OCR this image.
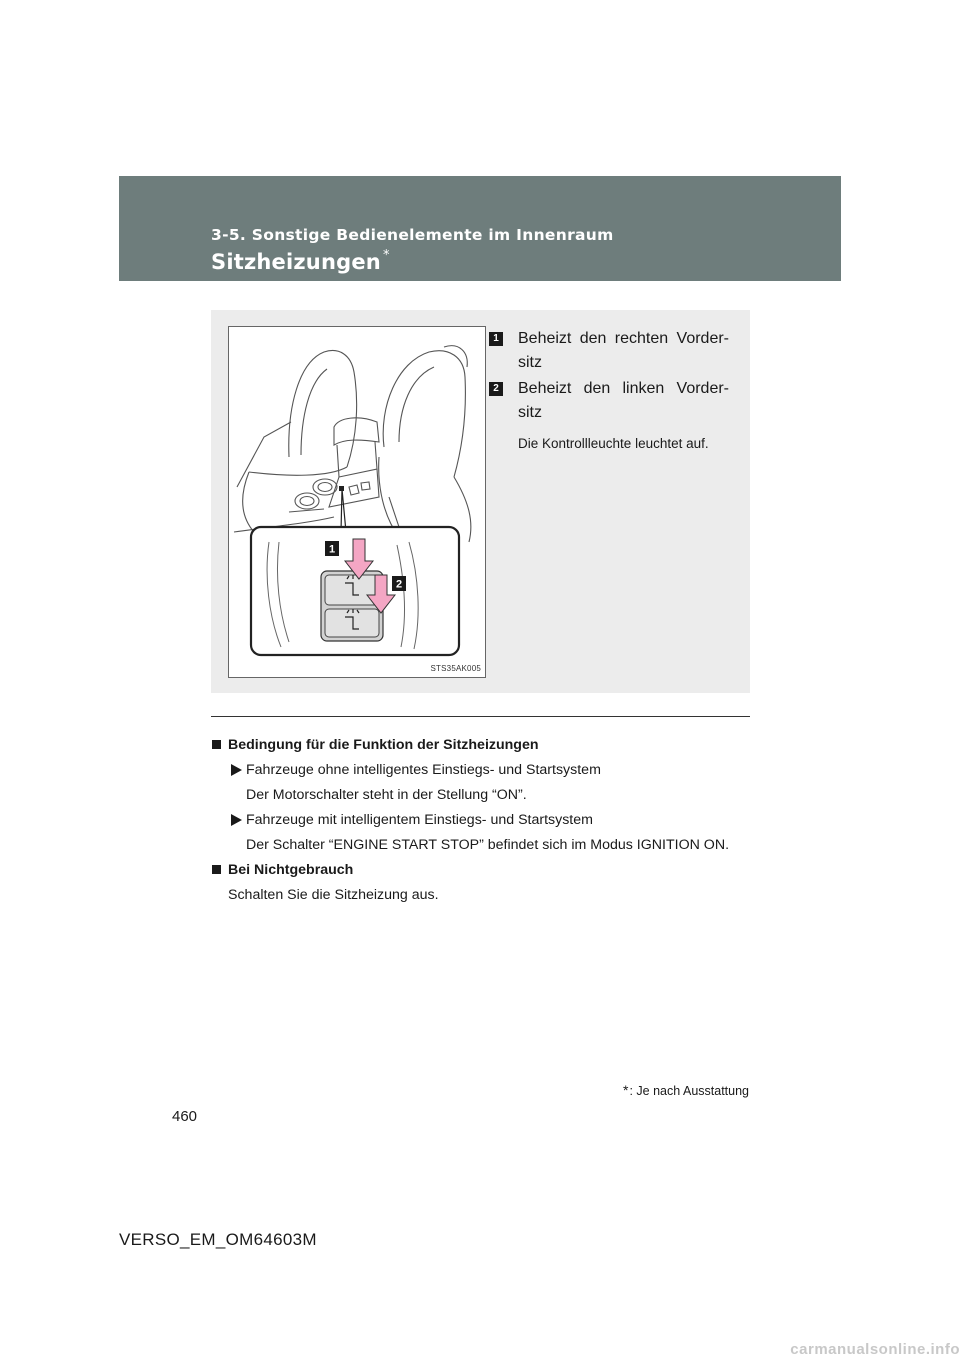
3-5. Sonstige Bedienelemente im Innenraum
Sitzheizungen *
1
2
STS35AK005
1 Beheizt den rechten Vorder-sitz
2 Beheizt den linken Vorder-sitz
Die Kontrollleuchte leuchtet auf.
Bedingung für die Funktion der Sitzheizungen
Fahrzeuge ohne intelligentes Einstiegs- und Startsystem
Der Motorschalter steht in der Stellung “ON”.
Fahrzeuge mit intelligentem Einstiegs- und Startsystem
Der Schalter “ENGINE START STOP” befindet sich im Modus IGNITION ON.
Bei Nichtgebrauch
Schalten Sie die Sitzheizung aus.
*: Je nach Ausstattung
460
VERSO_EM_OM64603M
carmanualsonline.info
